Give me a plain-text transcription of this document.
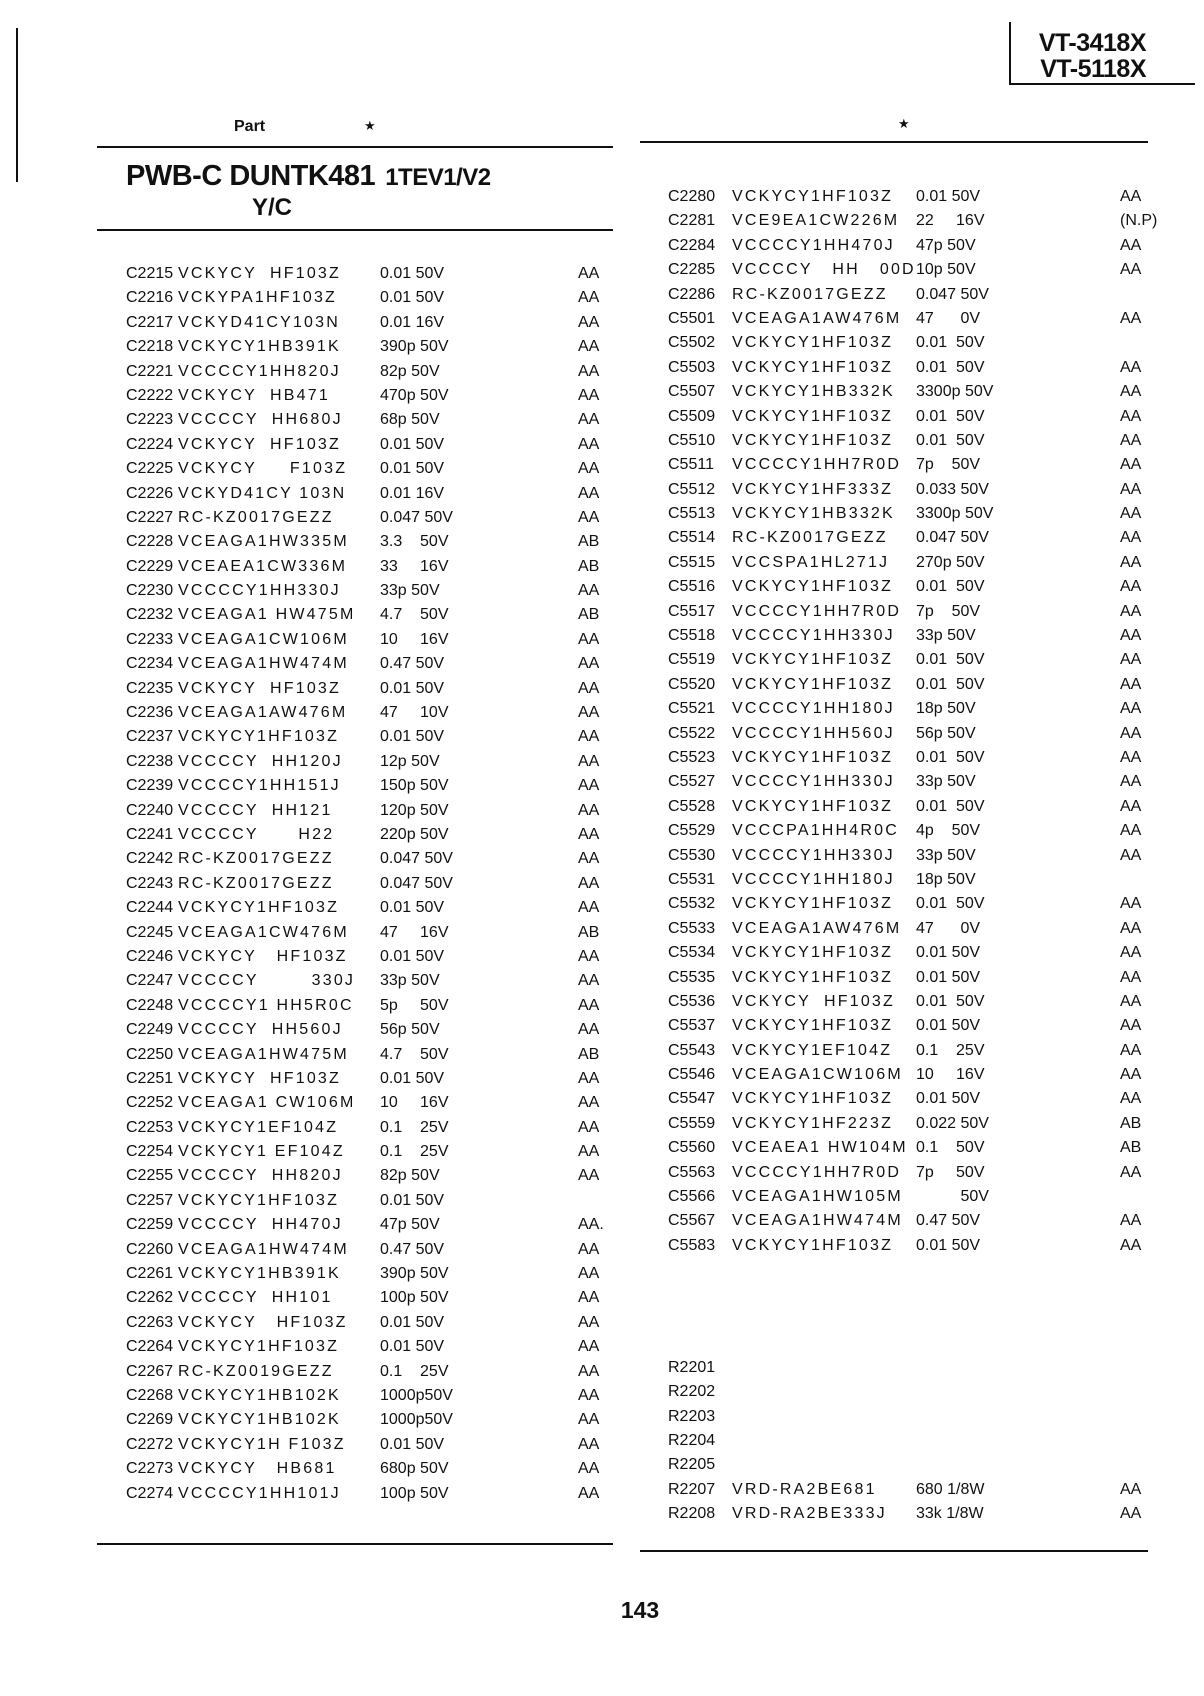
VT-3418X
VT-5118X
Part	★	★
PWB-C DUNTK481 1TEV1/V2
Y/C
C2215 VCKYCY  HF103Z 0.01 50V	AA
C2216 VCKYPA1HF103Z	0.01 50V	AA
C2217 VCKYD41CY103N	0.01 16V	AA
C2218 VCKYCY1HB391K 390p 50V	AA
C2221 VCCCCY1HH820J 82p 50V	AA
C2222 VCKYCY  HB471	470p 50V	AA
C2223 VCCCCY  HH680J 68p 50V	AA
C2224 VCKYCY  HF103Z 0.01 50V	AA
C2225 VCKYCY     F103Z 0.01 50V	AA
C2226 VCKYD41CY 103N 0.01 16V	AA
C2227 RC-KZ0017GEZZ	0.047 50V	AA
C2228 VCEAGA1HW335M 3.3    50V	AB
C2229 VCEAEA1CW336M 33     16V	AB
C2230 VCCCCY1HH330J 33p 50V	AA
C2232 VCEAGA1 HW475M 4.7    50V	AB
C2233 VCEAGA1CW106M 10     16V	AA
C2234 VCEAGA1HW474M 0.47 50V	AA
C2235 VCKYCY  HF103Z 0.01 50V	AA
C2236 VCEAGA1AW476M 47     10V	AA
C2237 VCKYCY1HF103Z	0.01 50V	AA
C2238 VCCCCY  HH120J 12p 50V	AA
C2239 VCCCCY1HH151J 150p 50V	AA
C2240 VCCCCY  HH121	120p 50V	AA
C2241 VCCCCY      H22	220p 50V	AA
C2242 RC-KZ0017GEZZ	0.047 50V	AA
C2243 RC-KZ0017GEZZ	0.047 50V	AA
C2244 VCKYCY1HF103Z	0.01 50V	AA
C2245 VCEAGA1CW476M 47     16V	AB
C2246 VCKYCY   HF103Z 0.01 50V	AA
C2247 VCCCCY        330J 33p 50V	AA
C2248 VCCCCY1 HH5R0C 5p     50V	AA
C2249 VCCCCY  HH560J 56p 50V	AA
C2250 VCEAGA1HW475M 4.7    50V	AB
C2251 VCKYCY  HF103Z 0.01 50V	AA
C2252 VCEAGA1 CW106M 10     16V	AA
C2253 VCKYCY1EF104Z	0.1    25V	AA
C2254 VCKYCY1 EF104Z 0.1    25V	AA
C2255 VCCCCY  HH820J 82p 50V	AA
C2257 VCKYCY1HF103Z	0.01 50V
C2259 VCCCCY  HH470J 47p 50V	AA.
C2260 VCEAGA1HW474M 0.47 50V	AA
C2261 VCKYCY1HB391K 390p 50V	AA
C2262 VCCCCY  HH101	100p 50V	AA
C2263 VCKYCY   HF103Z 0.01 50V	AA
C2264 VCKYCY1HF103Z	0.01 50V	AA
C2267 RC-KZ0019GEZZ	0.1    25V	AA
C2268 VCKYCY1HB102K 1000p50V	AA
C2269 VCKYCY1HB102K 1000p50V	AA
C2272 VCKYCY1H F103Z 0.01 50V	AA
C2273 VCKYCY   HB681	680p 50V	AA
C2274 VCCCCY1HH101J 100p 50V	AA
C2280 VCKYCY1HF103Z 0.01 50V	AA
C2281 VCE9EA1CW226M 22     16V	(N.P)
C2284 VCCCCY1HH470J 47p 50V	AA
C2285 VCCCCY   HH   00D 10p 50V	AA
C2286 RC-KZ0017GEZZ 0.047 50V
C5501 VCEAGA1AW476M 47      0V	AA
C5502 VCKYCY1HF103Z 0.01  50V
C5503 VCKYCY1HF103Z 0.01  50V	AA
C5507 VCKYCY1HB332K 3300p 50V	AA
C5509 VCKYCY1HF103Z 0.01  50V	AA
C5510 VCKYCY1HF103Z 0.01  50V	AA
C5511 VCCCCY1HH7R0D 7p    50V	AA
C5512 VCKYCY1HF333Z 0.033 50V	AA
C5513 VCKYCY1HB332K 3300p 50V	AA
C5514 RC-KZ0017GEZZ 0.047 50V	AA
C5515 VCCSPA1HL271J 270p 50V	AA
C5516 VCKYCY1HF103Z 0.01  50V	AA
C5517 VCCCCY1HH7R0D 7p    50V	AA
C5518 VCCCCY1HH330J 33p 50V	AA
C5519 VCKYCY1HF103Z 0.01  50V	AA
C5520 VCKYCY1HF103Z 0.01  50V	AA
C5521 VCCCCY1HH180J 18p 50V	AA
C5522 VCCCCY1HH560J 56p 50V	AA
C5523 VCKYCY1HF103Z 0.01  50V	AA
C5527 VCCCCY1HH330J 33p 50V	AA
C5528 VCKYCY1HF103Z 0.01  50V	AA
C5529 VCCCPA1HH4R0C 4p    50V	AA
C5530 VCCCCY1HH330J 33p 50V	AA
C5531 VCCCCY1HH180J 18p 50V
C5532 VCKYCY1HF103Z 0.01  50V	AA
C5533 VCEAGA1AW476M 47      0V	AA
C5534 VCKYCY1HF103Z 0.01 50V	AA
C5535 VCKYCY1HF103Z 0.01 50V	AA
C5536 VCKYCY  HF103Z 0.01  50V	AA
C5537 VCKYCY1HF103Z 0.01 50V	AA
C5543 VCKYCY1EF104Z 0.1    25V	AA
C5546 VCEAGA1CW106M 10     16V	AA
C5547 VCKYCY1HF103Z 0.01 50V	AA
C5559 VCKYCY1HF223Z 0.022 50V	AB
C5560 VCEAEA1 HW104M 0.1    50V	AB
C5563 VCCCCY1HH7R0D 7p     50V	AA
C5566 VCEAGA1HW105M 50V
C5567 VCEAGA1HW474M 0.47 50V	AA
C5583 VCKYCY1HF103Z 0.01 50V	AA
R2201
R2202
R2203
R2204
R2205
R2207 VRD-RA2BE681 680 1/8W	AA
R2208 VRD-RA2BE333J 33k 1/8W	AA
143
